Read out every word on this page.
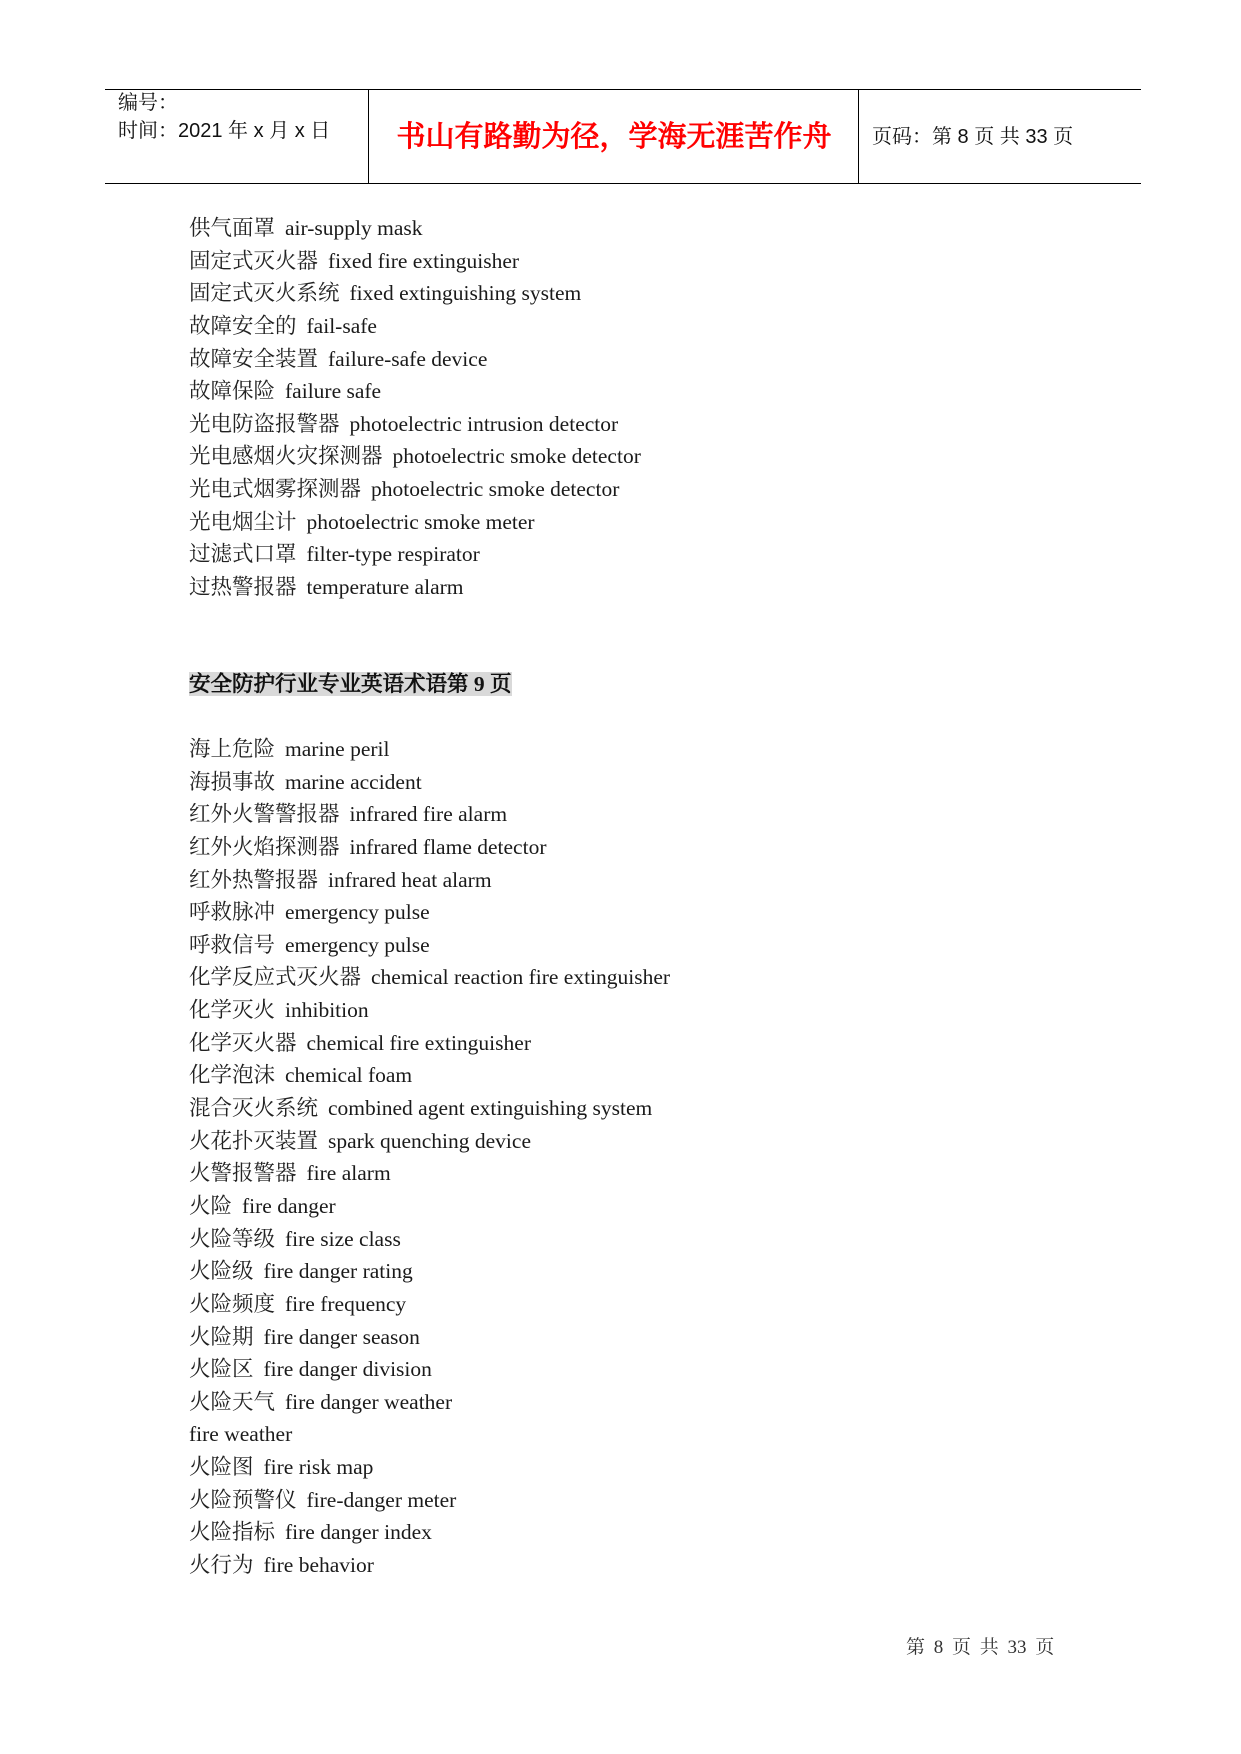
编号：
时间：2021 年 x 月 x 日	书山有路勤为径，学海无涯苦作舟	页码：第 8 页 共 33 页
供气面罩 air-supply mask
固定式灭火器 fixed fire extinguisher
固定式灭火系统 fixed extinguishing system
故障安全的 fail-safe
故障安全装置 failure-safe device
故障保险 failure safe
光电防盗报警器 photoelectric intrusion detector
光电感烟火灾探测器 photoelectric smoke detector
光电式烟雾探测器 photoelectric smoke detector
光电烟尘计 photoelectric smoke meter
过滤式口罩 filter-type respirator
过热警报器 temperature alarm
安全防护行业专业英语术语第 9 页
海上危险 marine peril
海损事故 marine accident
红外火警警报器 infrared fire alarm
红外火焰探测器 infrared flame detector
红外热警报器 infrared heat alarm
呼救脉冲 emergency pulse
呼救信号 emergency pulse
化学反应式灭火器 chemical reaction fire extinguisher
化学灭火 inhibition
化学灭火器 chemical fire extinguisher
化学泡沫 chemical foam
混合灭火系统 combined agent extinguishing system
火花扑灭装置 spark quenching device
火警报警器 fire alarm
火险 fire danger
火险等级 fire size class
火险级 fire danger rating
火险频度 fire frequency
火险期 fire danger season
火险区 fire danger division
火险天气 fire danger weather
fire weather
火险图 fire risk map
火险预警仪 fire-danger meter
火险指标 fire danger index
火行为 fire behavior
第 8 页 共 33 页
